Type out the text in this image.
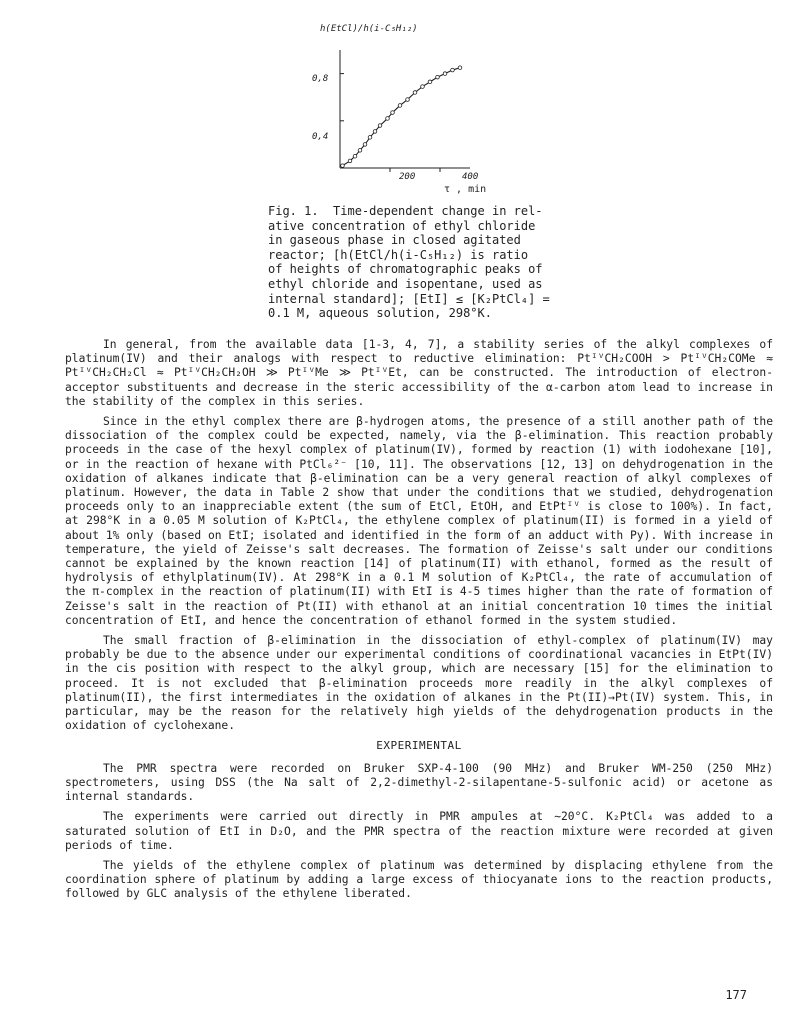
h(EtCl)/h(i-C₅H₁₂)
0,8
0,4
200	400
τ , min
Fig. 1.  Time-dependent change in rel-
ative concentration of ethyl chloride
in gaseous phase in closed agitated
reactor; [h(EtCl/h(i-C₅H₁₂) is ratio
of heights of chromatographic peaks of
ethyl chloride and isopentane, used as
internal standard]; [EtI] ≤ [K₂PtCl₄] =
0.1 M, aqueous solution, 298°K.

In general, from the available data [1-3, 4, 7], a stability series of the alkyl complexes of platinum(IV) and their analogs with respect to reductive elimination: PtᴵⱽCH₂COOH > PtᴵⱽCH₂COMe ≈ PtᴵⱽCH₂CH₂Cl ≈ PtᴵⱽCH₂CH₂OH ≫ PtᴵⱽMe ≫ PtᴵⱽEt, can be constructed. The introduction of electron-acceptor substituents and decrease in the steric accessibility of the α-carbon atom lead to increase in the stability of the complex in this series.

Since in the ethyl complex there are β-hydrogen atoms, the presence of a still another path of the dissociation of the complex could be expected, namely, via the β-elimination. This reaction probably proceeds in the case of the hexyl complex of platinum(IV), formed by reaction (1) with iodohexane [10], or in the reaction of hexane with PtCl₆²⁻ [10, 11]. The observations [12, 13] on dehydrogenation in the oxidation of alkanes indicate that β-elimination can be a very general reaction of alkyl complexes of platinum. However, the data in Table 2 show that under the conditions that we studied, dehydrogenation proceeds only to an inappreciable extent (the sum of EtCl, EtOH, and EtPtᴵⱽ is close to 100%). In fact, at 298°K in a 0.05 M solution of K₂PtCl₄, the ethylene complex of platinum(II) is formed in a yield of about 1% only (based on EtI; isolated and identified in the form of an adduct with Py). With increase in temperature, the yield of Zeisse's salt decreases. The formation of Zeisse's salt under our conditions cannot be explained by the known reaction [14] of platinum(II) with ethanol, formed as the result of hydrolysis of ethylplatinum(IV). At 298°K in a 0.1 M solution of K₂PtCl₄, the rate of accumulation of the π-complex in the reaction of platinum(II) with EtI is 4-5 times higher than the rate of formation of Zeisse's salt in the reaction of Pt(II) with ethanol at an initial concentration 10 times the initial concentration of EtI, and hence the concentration of ethanol formed in the system studied.

The small fraction of β-elimination in the dissociation of ethyl-complex of platinum(IV) may probably be due to the absence under our experimental conditions of coordinational vacancies in EtPt(IV) in the cis position with respect to the alkyl group, which are necessary [15] for the elimination to proceed. It is not excluded that β-elimination proceeds more readily in the alkyl complexes of platinum(II), the first intermediates in the oxidation of alkanes in the Pt(II)→Pt(IV) system. This, in particular, may be the reason for the relatively high yields of the dehydrogenation products in the oxidation of cyclohexane.

EXPERIMENTAL

The PMR spectra were recorded on Bruker SXP-4-100 (90 MHz) and Bruker WM-250 (250 MHz) spectrometers, using DSS (the Na salt of 2,2-dimethyl-2-silapentane-5-sulfonic acid) or acetone as internal standards.

The experiments were carried out directly in PMR ampules at ∼20°C. K₂PtCl₄ was added to a saturated solution of EtI in D₂O, and the PMR spectra of the reaction mixture were recorded at given periods of time.

The yields of the ethylene complex of platinum was determined by displacing ethylene from the coordination sphere of platinum by adding a large excess of thiocyanate ions to the reaction products, followed by GLC analysis of the ethylene liberated.

177
